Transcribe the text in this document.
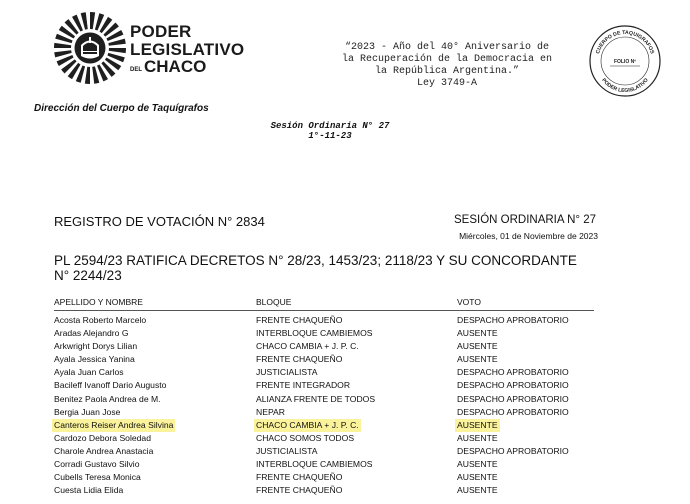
PODER
LEGISLATIVO
DEL CHACO
Dirección del Cuerpo de Taquígrafos
“2023 - Año del 40° Aniversario de
la Recuperación de la Democracia en
la República Argentina.”
Ley 3749-A
CUERPO DE TAQUIGRAFOS
FOLIO Nº
PODER LEGISLATIVO
Sesión Ordinaria N° 27
1°-11-23
REGISTRO DE VOTACIÓN N° 2834	SESIÓN ORDINARIA N° 27
Miércoles, 01 de Noviembre de 2023
PL 2594/23 RATIFICA DECRETOS N° 28/23, 1453/23; 2118/23 Y SU CONCORDANTE N° 2244/23
APELLIDO Y NOMBRE	BLOQUE	VOTO
Acosta Roberto Marcelo	FRENTE CHAQUEÑO	DESPACHO APROBATORIO
Aradas Alejandro G	INTERBLOQUE CAMBIEMOS	AUSENTE
Arkwright Dorys Lilian	CHACO CAMBIA + J. P. C.	AUSENTE
Ayala Jessica Yanina	FRENTE CHAQUEÑO	AUSENTE
Ayala Juan Carlos	JUSTICIALISTA	DESPACHO APROBATORIO
Bacileff Ivanoff Dario Augusto	FRENTE INTEGRADOR	DESPACHO APROBATORIO
Benitez Paola Andrea de M.	ALIANZA FRENTE DE TODOS	DESPACHO APROBATORIO
Bergia Juan Jose	NEPAR	DESPACHO APROBATORIO
Canteros Reiser Andrea Silvina	CHACO CAMBIA + J. P. C.	AUSENTE
Cardozo Debora Soledad	CHACO SOMOS TODOS	AUSENTE
Charole Andrea Anastacia	JUSTICIALISTA	DESPACHO APROBATORIO
Corradi Gustavo Silvio	INTERBLOQUE CAMBIEMOS	AUSENTE
Cubells Teresa Monica	FRENTE CHAQUEÑO	AUSENTE
Cuesta Lidia Elida	FRENTE CHAQUEÑO	AUSENTE
